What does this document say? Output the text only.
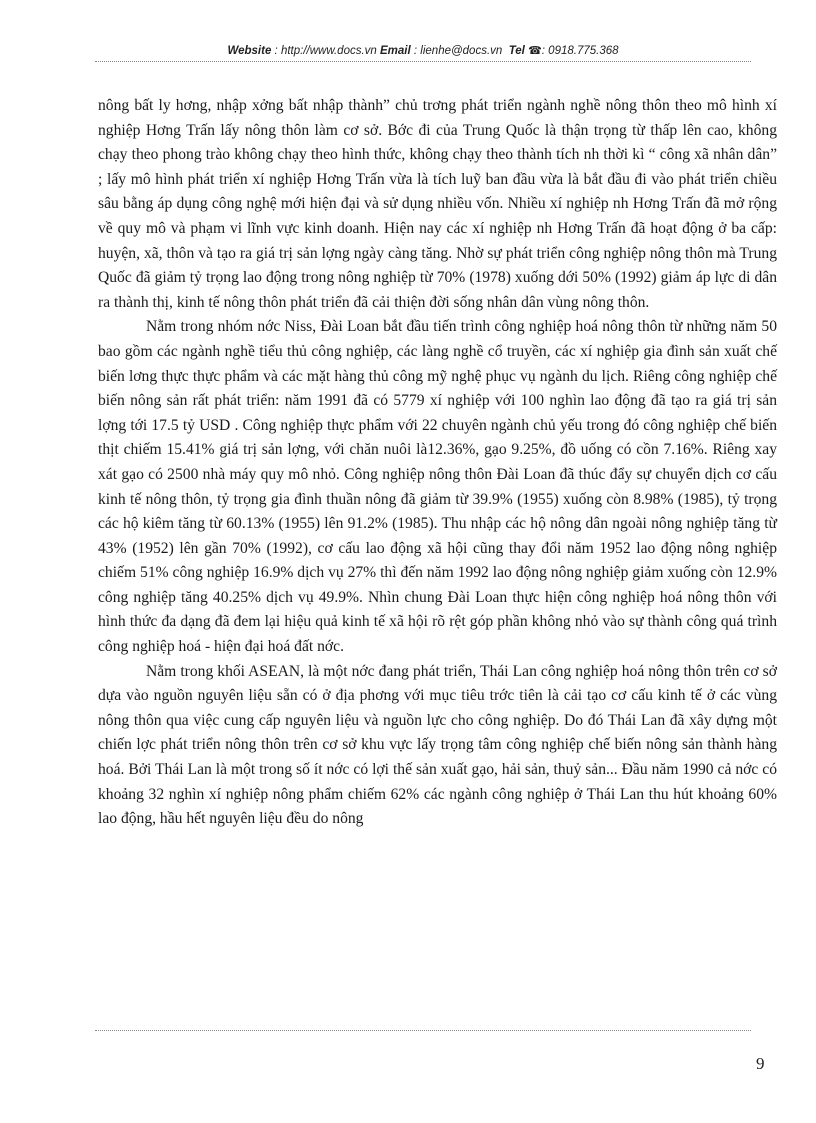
Website : http://www.docs.vn Email : lienhe@docs.vn Tel ☎: 0918.775.368

nông bất ly hơng, nhập xởng bất nhập thành” chủ trơng phát triển ngành nghề nông thôn theo mô hình xí nghiệp Hơng Trấn lấy nông thôn làm cơ sở. Bớc đi của Trung Quốc là thận trọng từ thấp lên cao, không chạy theo phong trào không chạy theo hình thức, không chạy theo thành tích nh thời kì “ công xã nhân dân” ; lấy mô hình phát triển xí nghiệp Hơng Trấn vừa là tích luỹ ban đầu vừa là bắt đầu đi vào phát triển chiều sâu bằng áp dụng công nghệ mới hiện đại và sử dụng nhiều vốn. Nhiều xí nghiệp nh Hơng Trấn đã mở rộng về quy mô và phạm vi lĩnh vực kinh doanh. Hiện nay các xí nghiệp nh Hơng Trấn đã hoạt động ở ba cấp: huyện, xã, thôn và tạo ra giá trị sản lợng ngày càng tăng. Nhờ sự phát triển công nghiệp nông thôn mà Trung Quốc đã giảm tỷ trọng lao động trong nông nghiệp từ 70% (1978) xuống dới 50% (1992) giảm áp lực di dân ra thành thị, kinh tế nông thôn phát triển đã cải thiện đời sống nhân dân vùng nông thôn.

Nằm trong nhóm nớc Niss, Đài Loan bắt đầu tiến trình công nghiệp hoá nông thôn từ những năm 50 bao gồm các ngành nghề tiểu thủ công nghiệp, các làng nghề cổ truyền, các xí nghiệp gia đình sản xuất chế biến lơng thực thực phẩm và các mặt hàng thủ công mỹ nghệ phục vụ ngành du lịch. Riêng công nghiệp chế biến nông sản rất phát triển: năm 1991 đã có 5779 xí nghiệp với 100 nghìn lao động đã tạo ra giá trị sản lợng tới 17.5 tỷ USD . Công nghiệp thực phẩm với 22 chuyên ngành chủ yếu trong đó công nghiệp chế biến thịt chiếm 15.41% giá trị sản lợng, với chăn nuôi là12.36%, gạo 9.25%, đồ uống có cồn 7.16%. Riêng xay xát gạo có 2500 nhà máy quy mô nhỏ. Công nghiệp nông thôn Đài Loan đã thúc đẩy sự chuyển dịch cơ cấu kinh tế nông thôn, tỷ trọng gia đình thuần nông đã giảm từ 39.9% (1955) xuống còn 8.98% (1985), tỷ trọng các hộ kiêm tăng từ 60.13% (1955) lên 91.2% (1985). Thu nhập các hộ nông dân ngoài nông nghiệp tăng từ 43% (1952) lên gần 70% (1992), cơ cấu lao động xã hội cũng thay đổi năm 1952 lao động nông nghiệp chiếm 51% công nghiệp 16.9% dịch vụ 27% thì đến năm 1992 lao động nông nghiệp giảm xuống còn 12.9% công nghiệp tăng 40.25% dịch vụ 49.9%. Nhìn chung Đài Loan thực hiện công nghiệp hoá nông thôn với hình thức đa dạng đã đem lại hiệu quả kinh tế xã hội rõ rệt góp phần không nhỏ vào sự thành công quá trình công nghiệp hoá - hiện đại hoá đất nớc.

Nằm trong khối ASEAN, là một nớc đang phát triển, Thái Lan công nghiệp hoá nông thôn trên cơ sở dựa vào nguồn nguyên liệu sẵn có ở địa phơng với mục tiêu trớc tiên là cải tạo cơ cấu kinh tế ở các vùng nông thôn qua việc cung cấp nguyên liệu và nguồn lực cho công nghiệp. Do đó Thái Lan đã xây dựng một chiến lợc phát triển nông thôn trên cơ sở khu vực lấy trọng tâm công nghiệp chế biến nông sản thành hàng hoá. Bởi Thái Lan là một trong số ít nớc có lợi thế sản xuất gạo, hải sản, thuỷ sản... Đầu năm 1990 cả nớc có khoảng 32 nghìn xí nghiệp nông phẩm chiếm 62% các ngành công nghiệp ở Thái Lan thu hút khoảng 60% lao động, hầu hết nguyên liệu đều do nông

9
